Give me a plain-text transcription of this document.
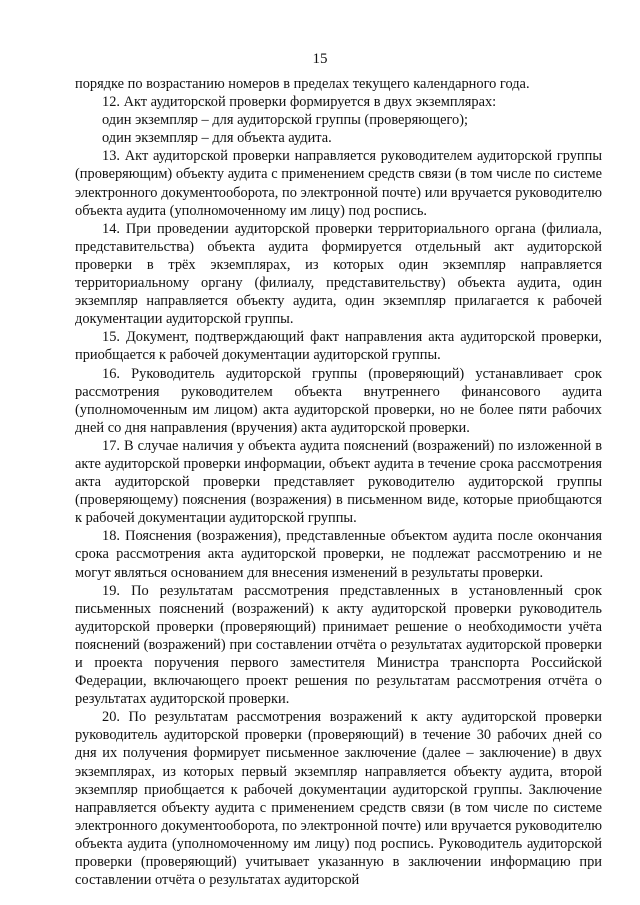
15

порядке по возрастанию номеров в пределах текущего календарного года.

12. Акт аудиторской проверки формируется в двух экземплярах:

один экземпляр – для аудиторской группы (проверяющего);

один экземпляр – для объекта аудита.

13. Акт аудиторской проверки направляется руководителем аудиторской группы (проверяющим) объекту аудита с применением средств связи (в том числе по системе электронного документооборота, по электронной почте) или вручается руководителю объекта аудита (уполномоченному им лицу) под роспись.

14. При проведении аудиторской проверки территориального органа (филиала, представительства) объекта аудита формируется отдельный акт аудиторской проверки в трёх экземплярах, из которых один экземпляр направляется территориальному органу (филиалу, представительству) объекта аудита, один экземпляр направляется объекту аудита, один экземпляр прилагается к рабочей документации аудиторской группы.

15. Документ, подтверждающий факт направления акта аудиторской проверки, приобщается к рабочей документации аудиторской группы.

16. Руководитель аудиторской группы (проверяющий) устанавливает срок рассмотрения руководителем объекта внутреннего финансового аудита (уполномоченным им лицом) акта аудиторской проверки, но не более пяти рабочих дней со дня направления (вручения) акта аудиторской проверки.

17. В случае наличия у объекта аудита пояснений (возражений) по изложенной в акте аудиторской проверки информации, объект аудита в течение срока рассмотрения акта аудиторской проверки представляет руководителю аудиторской группы (проверяющему) пояснения (возражения) в письменном виде, которые приобщаются к рабочей документации аудиторской группы.

18. Пояснения (возражения), представленные объектом аудита после окончания срока рассмотрения акта аудиторской проверки, не подлежат рассмотрению и не могут являться основанием для внесения изменений в результаты проверки.

19. По результатам рассмотрения представленных в установленный срок письменных пояснений (возражений) к акту аудиторской проверки руководитель аудиторской проверки (проверяющий) принимает решение о необходимости учёта пояснений (возражений) при составлении отчёта о результатах аудиторской проверки и проекта поручения первого заместителя Министра транспорта Российской Федерации, включающего проект решения по результатам рассмотрения отчёта о результатах аудиторской проверки.

20. По результатам рассмотрения возражений к акту аудиторской проверки руководитель аудиторской проверки (проверяющий) в течение 30 рабочих дней со дня их получения формирует письменное заключение (далее – заключение) в двух экземплярах, из которых первый экземпляр направляется объекту аудита, второй экземпляр приобщается к рабочей документации аудиторской группы. Заключение направляется объекту аудита с применением средств связи (в том числе по системе электронного документооборота, по электронной почте) или вручается руководителю объекта аудита (уполномоченному им лицу) под роспись. Руководитель аудиторской проверки (проверяющий) учитывает указанную в заключении информацию при составлении отчёта о результатах аудиторской
